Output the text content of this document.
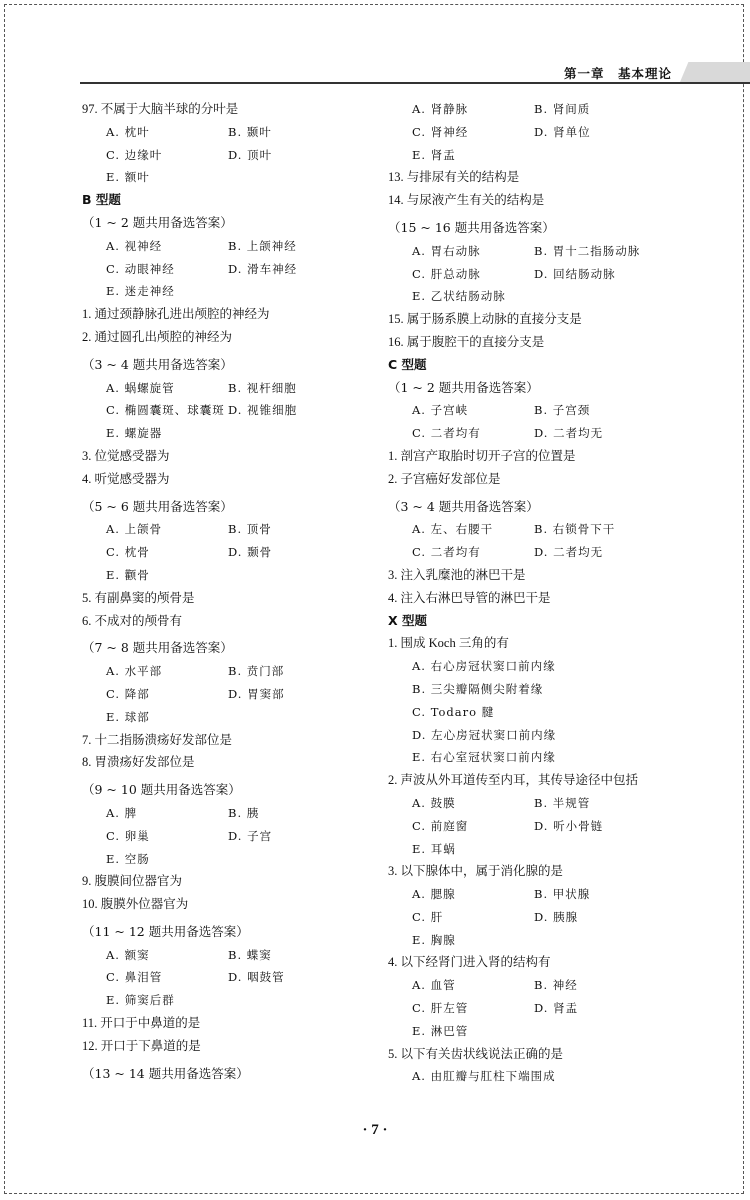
第一章　基本理论
97. 不属于大脑半球的分叶是
A. 枕叶	B. 颞叶
C. 边缘叶	D. 顶叶
E. 额叶
B 型题
（1 ~ 2 题共用备选答案）
A. 视神经	B. 上颌神经
C. 动眼神经	D. 滑车神经
E. 迷走神经
1. 通过颈静脉孔进出颅腔的神经为
2. 通过圆孔出颅腔的神经为
（3 ~ 4 题共用备选答案）
A. 蜗螺旋管	B. 视杆细胞
C. 椭圆囊斑、球囊斑 D. 视锥细胞
E. 螺旋器
3. 位觉感受器为
4. 听觉感受器为
（5 ~ 6 题共用备选答案）
A. 上颌骨	B. 顶骨
C. 枕骨	D. 颞骨
E. 颧骨
5. 有副鼻窦的颅骨是
6. 不成对的颅骨有
（7 ~ 8 题共用备选答案）
A. 水平部	B. 贲门部
C. 降部	D. 胃窦部
E. 球部
7. 十二指肠溃疡好发部位是
8. 胃溃疡好发部位是
（9 ~ 10 题共用备选答案）
A. 脾	B. 胰
C. 卵巢	D. 子宫
E. 空肠
9. 腹膜间位器官为
10. 腹膜外位器官为
（11 ~ 12 题共用备选答案）
A. 额窦	B. 蝶窦
C. 鼻泪管	D. 咽鼓管
E. 筛窦后群
11. 开口于中鼻道的是
12. 开口于下鼻道的是
（13 ~ 14 题共用备选答案）
A. 肾静脉	B. 肾间质
C. 肾神经	D. 肾单位
E. 肾盂
13. 与排尿有关的结构是
14. 与尿液产生有关的结构是
（15 ~ 16 题共用备选答案）
A. 胃右动脉	B. 胃十二指肠动脉
C. 肝总动脉	D. 回结肠动脉
E. 乙状结肠动脉
15. 属于肠系膜上动脉的直接分支是
16. 属于腹腔干的直接分支是
C 型题
（1 ~ 2 题共用备选答案）
A. 子宫峡	B. 子宫颈
C. 二者均有	D. 二者均无
1. 剖宫产取胎时切开子宫的位置是
2. 子宫癌好发部位是
（3 ~ 4 题共用备选答案）
A. 左、右腰干	B. 右锁骨下干
C. 二者均有	D. 二者均无
3. 注入乳糜池的淋巴干是
4. 注入右淋巴导管的淋巴干是
X 型题
1. 围成 Koch 三角的有
A. 右心房冠状窦口前内缘
B. 三尖瓣隔侧尖附着缘
C. Todaro 腱
D. 左心房冠状窦口前内缘
E. 右心室冠状窦口前内缘
2. 声波从外耳道传至内耳，其传导途径中包括
A. 鼓膜	B. 半规管
C. 前庭窗	D. 听小骨链
E. 耳蜗
3. 以下腺体中，属于消化腺的是
A. 腮腺	B. 甲状腺
C. 肝	D. 胰腺
E. 胸腺
4. 以下经肾门进入肾的结构有
A. 血管	B. 神经
C. 肝左管	D. 肾盂
E. 淋巴管
5. 以下有关齿状线说法正确的是
A. 由肛瓣与肛柱下端围成
· 7 ·
